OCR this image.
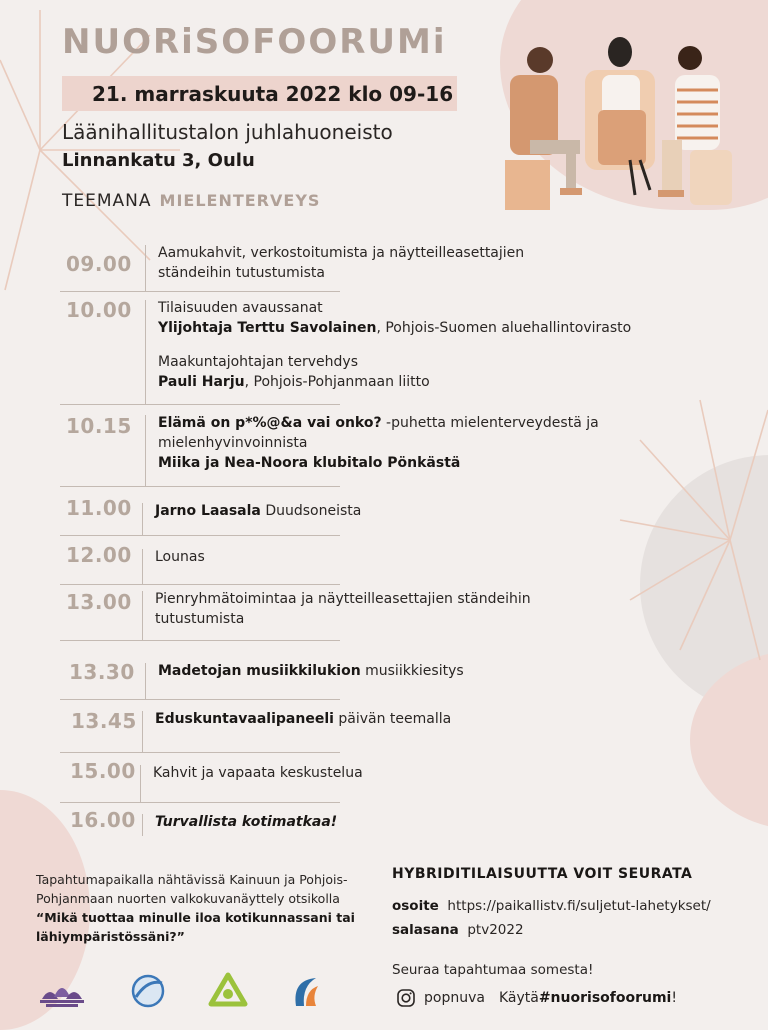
NUORiSOFOORUMi
21. marraskuuta 2022 klo 09-16
Läänihallitustalon juhlahuoneisto
Linnankatu 3, Oulu
TEEMANA MIELENTERVEYS
09.00 Aamukahvit, verkostoitumista ja näytteilleasettajien
ständeihin tutustumista
10.00 Tilaisuuden avaussanat
Ylijohtaja Terttu Savolainen, Pohjois-Suomen aluehallintovirasto
Maakuntajohtajan tervehdys
Pauli Harju, Pohjois-Pohjanmaan liitto
10.15 Elämä on p*%@&a vai onko? -puhetta mielenterveydestä ja
mielenhyvinvoinnista
Miika ja Nea-Noora klubitalo Pönkästä
11.00 Jarno Laasala Duudsoneista
12.00 Lounas
13.00 Pienryhmätoimintaa ja näytteilleasettajien ständeihin
tutustumista
13.30 Madetojan musiikkilukion musiikkiesitys
13.45 Eduskuntavaalipaneeli päivän teemalla
15.00 Kahvit ja vapaata keskustelua
16.00 Turvallista kotimatkaa!
Tapahtumapaikalla nähtävissä Kainuun ja Pohjois-Pohjanmaan nuorten valkokuvanäyttely otsikolla “Mikä tuottaa minulle iloa kotikunnassani tai lähiympäristössäni?”
HYBRIDITILAISUUTTA VOIT SEURATA
osoite https://paikallistv.fi/suljetut-lahetykset/
salasana ptv2022
Seuraa tapahtumaa somesta!
popnuva Käytä #nuorisofoorumi !
